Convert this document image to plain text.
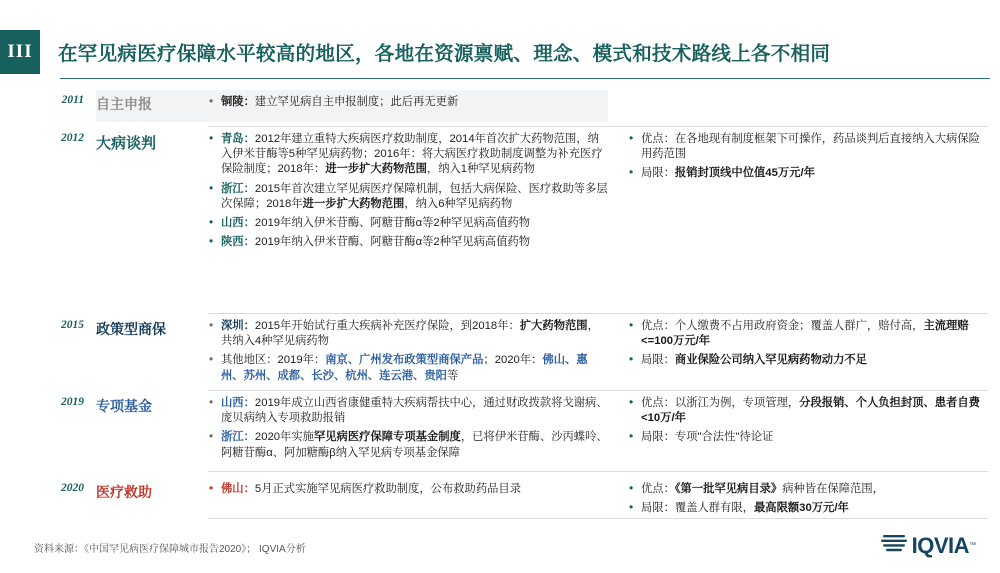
III	在罕见病医疗保障水平较高的地区，各地在资源禀赋、理念、模式和技术路线上各不相同
2011 自主申报	• 铜陵：建立罕见病自主申报制度；此后再无更新
2012 大病谈判	• 青岛：2012年建立重特大疾病医疗救助制度，2014年首次扩大药物范围，纳入伊米苷酶等5种罕见病药物；2016年：将大病医疗救助制度调整为补充医疗保险制度；2018年：进一步扩大药物范围，纳入1种罕见病药物
• 浙江：2015年首次建立罕见病医疗保障机制，包括大病保险、医疗救助等多层次保障；2018年进一步扩大药物范围，纳入6种罕见病药物
• 山西：2019年纳入伊米苷酶、阿糖苷酶α等2种罕见病高值药物
• 陕西：2019年纳入伊米苷酶、阿糖苷酶α等2种罕见病高值药物
• 优点：在各地现有制度框架下可操作，药品谈判后直接纳入大病保险用药范围
• 局限：报销封顶线中位值45万元/年
2015 政策型商保	• 深圳：2015年开始试行重大疾病补充医疗保险，到2018年：扩大药物范围，共纳入4种罕见病药物
• 其他地区：2019年：南京、广州发布政策型商保产品；2020年：佛山、惠州、苏州、成都、长沙、杭州、连云港、贵阳等
• 优点：个人缴费不占用政府资金；覆盖人群广，赔付高，主流理赔<=100万元/年
• 局限：商业保险公司纳入罕见病药物动力不足
2019 专项基金	• 山西：2019年成立山西省康健重特大疾病帮扶中心，通过财政拨款将戈谢病、庞贝病纳入专项救助报销
• 浙江：2020年实施罕见病医疗保障专项基金制度，已将伊米苷酶、沙丙蝶呤、阿糖苷酶α、阿加糖酶β纳入罕见病专项基金保障
• 优点：以浙江为例，专项管理，分段报销、个人负担封顶、患者自费<10万/年
• 局限：专项"合法性"待论证
2020 医疗救助	• 佛山：5月正式实施罕见病医疗救助制度，公布救助药品目录	• 优点：《第一批罕见病目录》病种皆在保障范围，
• 局限：覆盖人群有限，最高限额30万元/年
资料来源：《中国罕见病医疗保障城市报告2020》； IQVIA分析	IQVIA ™
